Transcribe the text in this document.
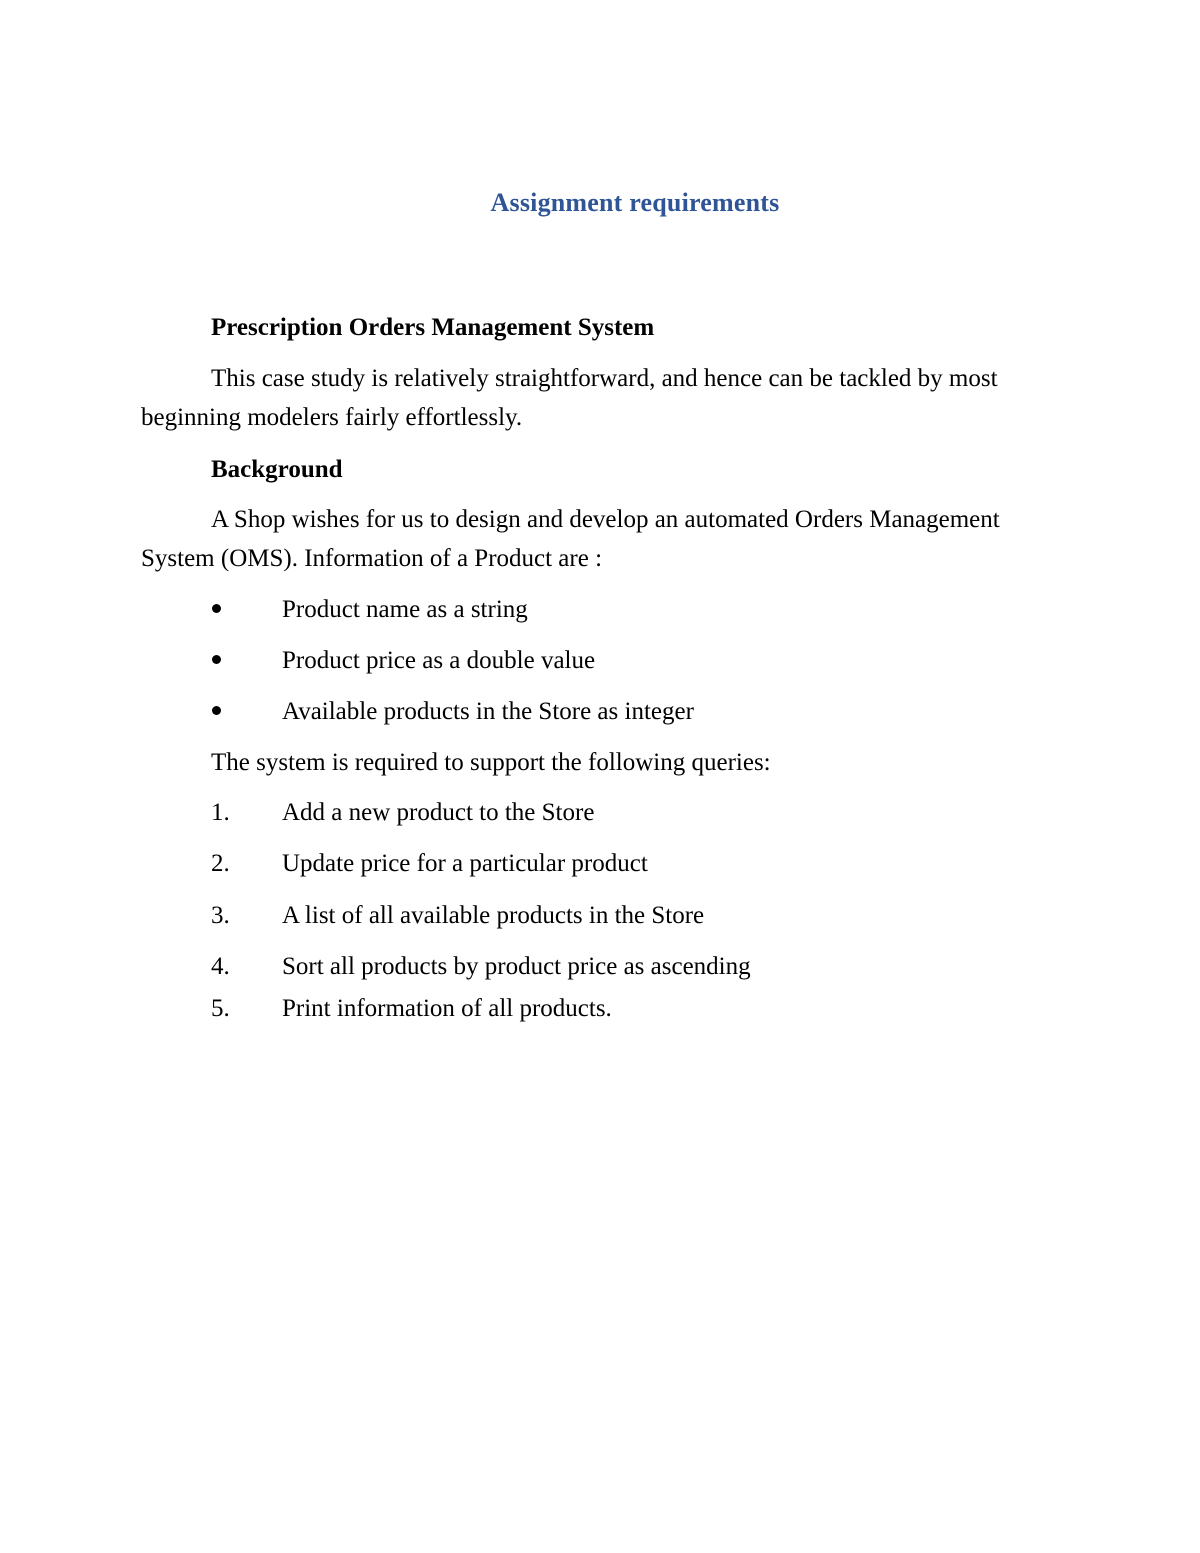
Assignment requirements
Prescription Orders Management System
This case study is relatively straightforward, and hence can be tackled by most
beginning modelers fairly effortlessly.
Background
A Shop wishes for us to design and develop an automated Orders Management
System (OMS). Information of a Product are :
Product name as a string
Product price as a double value
Available products in the Store as integer
The system is required to support the following queries:
1. Add a new product to the Store
2. Update price for a particular product
3. A list of all available products in the Store
4. Sort all products by product price as ascending
5. Print information of all products.
